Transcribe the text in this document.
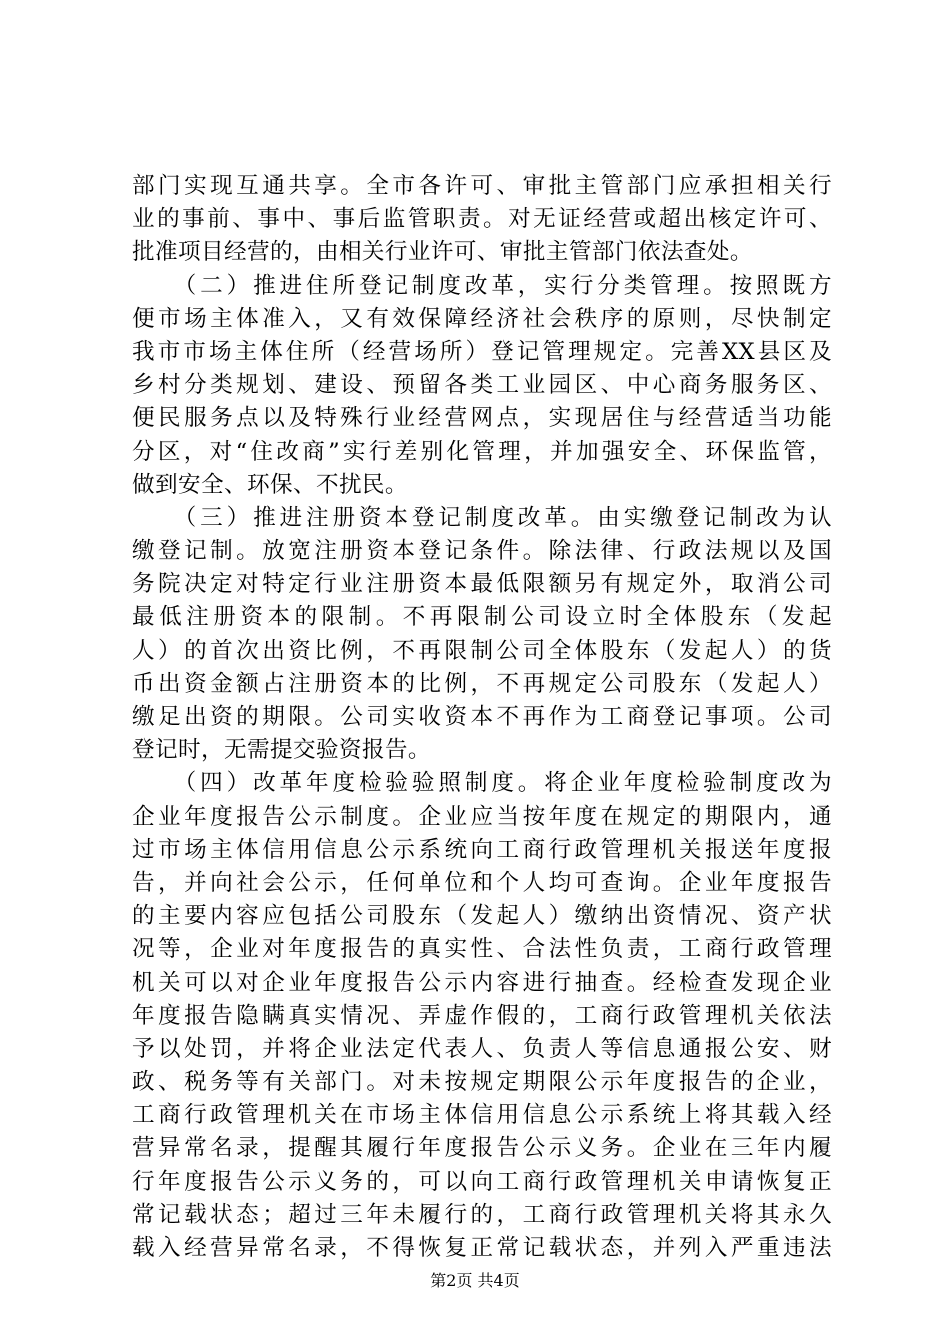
部门实现互通共享。全市各许可、审批主管部门应承担相关行
业的事前、事中、事后监管职责。对无证经营或超出核定许可、
批准项目经营的，由相关行业许可、审批主管部门依法查处。
　　（二）推进住所登记制度改革，实行分类管理。按照既方
便市场主体准入，又有效保障经济社会秩序的原则，尽快制定
我市市场主体住所（经营场所）登记管理规定。完善XX县区及
乡村分类规划、建设、预留各类工业园区、中心商务服务区、
便民服务点以及特殊行业经营网点，实现居住与经营适当功能
分区，对“住改商”实行差别化管理，并加强安全、环保监管，
做到安全、环保、不扰民。
　　（三）推进注册资本登记制度改革。由实缴登记制改为认
缴登记制。放宽注册资本登记条件。除法律、行政法规以及国
务院决定对特定行业注册资本最低限额另有规定外，取消公司
最低注册资本的限制。不再限制公司设立时全体股东（发起
人）的首次出资比例，不再限制公司全体股东（发起人）的货
币出资金额占注册资本的比例，不再规定公司股东（发起人）
缴足出资的期限。公司实收资本不再作为工商登记事项。公司
登记时，无需提交验资报告。
　　（四）改革年度检验验照制度。将企业年度检验制度改为
企业年度报告公示制度。企业应当按年度在规定的期限内，通
过市场主体信用信息公示系统向工商行政管理机关报送年度报
告，并向社会公示，任何单位和个人均可查询。企业年度报告
的主要内容应包括公司股东（发起人）缴纳出资情况、资产状
况等，企业对年度报告的真实性、合法性负责，工商行政管理
机关可以对企业年度报告公示内容进行抽查。经检查发现企业
年度报告隐瞒真实情况、弄虚作假的，工商行政管理机关依法
予以处罚，并将企业法定代表人、负责人等信息通报公安、财
政、税务等有关部门。对未按规定期限公示年度报告的企业，
工商行政管理机关在市场主体信用信息公示系统上将其载入经
营异常名录，提醒其履行年度报告公示义务。企业在三年内履
行年度报告公示义务的，可以向工商行政管理机关申请恢复正
常记载状态；超过三年未履行的，工商行政管理机关将其永久
载入经营异常名录，不得恢复正常记载状态，并列入严重违法
第2页 共4页
